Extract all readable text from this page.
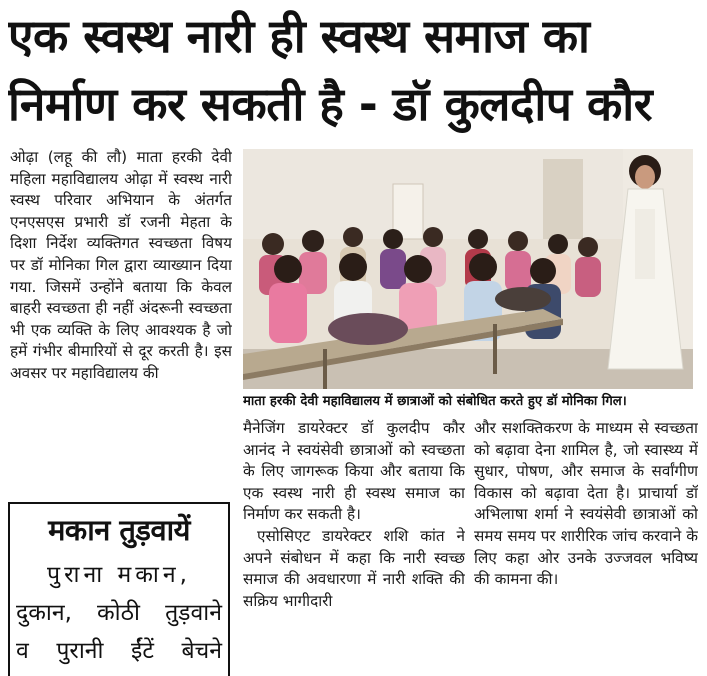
एक स्वस्थ नारी ही स्वस्थ समाज का
निर्माण कर सकती है - डॉ कुलदीप कौर

ओढ़ा (लहू की लौ) माता हरकी देवी महिला महाविद्यालय ओढ़ा में स्वस्थ नारी स्वस्थ परिवार अभियान के अंतर्गत एनएसएस प्रभारी डॉ रजनी मेहता के दिशा निर्देश व्यक्तिगत स्वच्छता विषय पर डॉ मोनिका गिल द्वारा व्याख्यान दिया गया. जिसमें उन्होंने बताया कि केवल बाहरी स्वच्छता ही नहीं अंदरूनी स्वच्छता भी एक व्यक्ति के लिए आवश्यक है जो हमें गंभीर बीमारियों से दूर करती है। इस अवसर पर महाविद्यालय की

माता हरकी देवी महाविद्यालय में छात्राओं को संबोधित करते हुए डॉ मोनिका गिल।

मैनेजिंग डायरेक्टर डॉ कुलदीप कौर आनंद ने स्वयंसेवी छात्राओं को स्वच्छता के लिए जागरूक किया और बताया कि एक स्वस्थ नारी ही स्वस्थ समाज का निर्माण कर सकती है।

एसोसिएट डायरेक्टर शशि कांत ने अपने संबोधन में कहा कि नारी स्वच्छ समाज की अवधारणा में नारी शक्ति की सक्रिय भागीदारी

और सशक्तिकरण के माध्यम से स्वच्छता को बढ़ावा देना शामिल है, जो स्वास्थ्य में सुधार, पोषण, और समाज के सर्वांगीण विकास को बढ़ावा देता है। प्राचार्या डॉ अभिलाषा शर्मा ने स्वयंसेवी छात्राओं को समय समय पर शारीरिक जांच करवाने के लिए कहा ओर उनके उज्जवल भविष्य की कामना की।

मकान तुड़वायें
पुराना मकान,
दुकान, कोठी तुड़वाने
व पुरानी ईंटें बेचने
